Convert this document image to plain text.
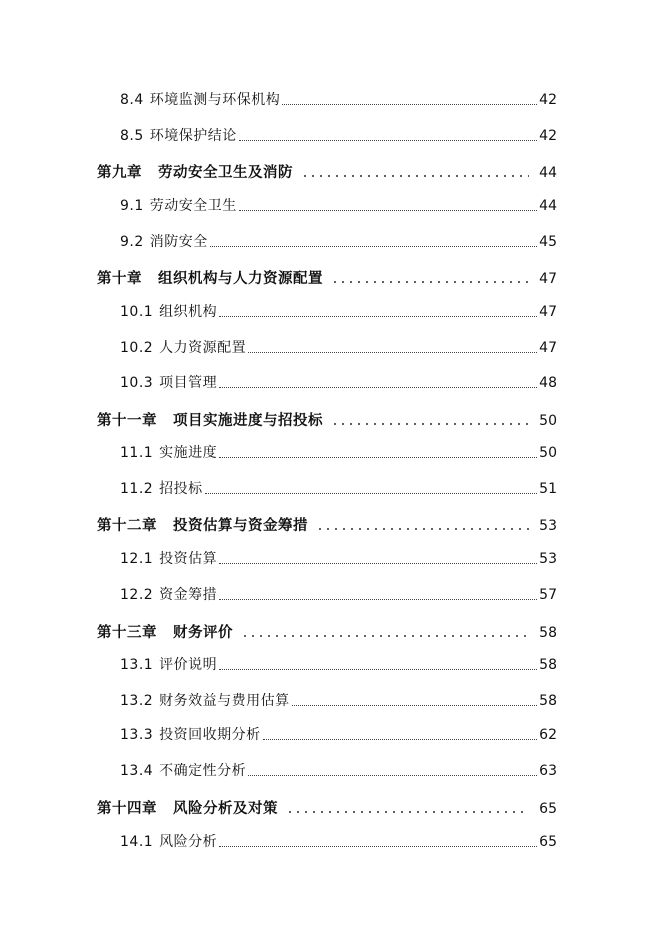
8.4 环境监测与环保机构	42
8.5 环境保护结论	42
第九章 劳动安全卫生及消防	44
9.1 劳动安全卫生	44
9.2 消防安全	45
第十章 组织机构与人力资源配置	47
10.1 组织机构	47
10.2 人力资源配置	47
10.3 项目管理	48
第十一章 项目实施进度与招投标	50
11.1 实施进度	50
11.2 招投标	51
第十二章 投资估算与资金筹措	53
12.1 投资估算	53
12.2 资金筹措	57
第十三章 财务评价	58
13.1 评价说明	58
13.2 财务效益与费用估算	58
13.3 投资回收期分析	62
13.4 不确定性分析	63
第十四章 风险分析及对策	65
14.1 风险分析	65
